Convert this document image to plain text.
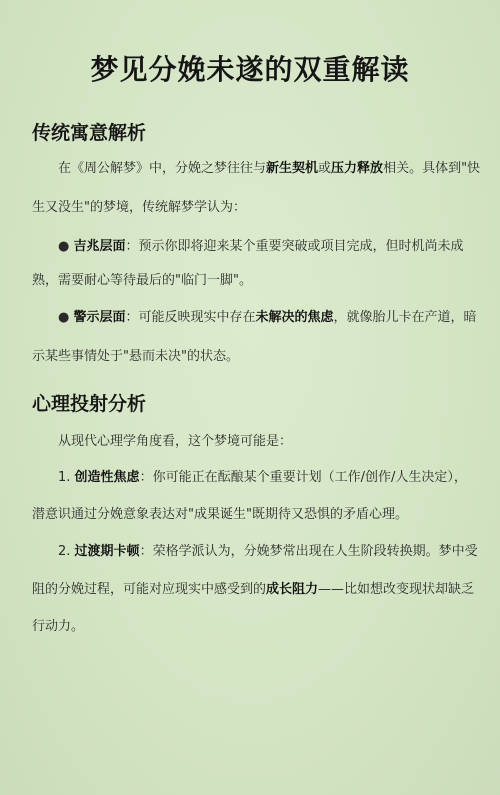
梦见分娩未遂的双重解读
传统寓意解析
在《周公解梦》中，分娩之梦往往与新生契机或压力释放相关。具体到"快
生又没生"的梦境，传统解梦学认为：
● 吉兆层面：预示你即将迎来某个重要突破或项目完成，但时机尚未成
熟，需要耐心等待最后的"临门一脚"。
● 警示层面：可能反映现实中存在未解决的焦虑，就像胎儿卡在产道，暗
示某些事情处于"悬而未决"的状态。
心理投射分析
从现代心理学角度看，这个梦境可能是：
1. 创造性焦虑：你可能正在酝酿某个重要计划（工作/创作/人生决定），
潜意识通过分娩意象表达对"成果诞生"既期待又恐惧的矛盾心理。
2. 过渡期卡顿：荣格学派认为，分娩梦常出现在人生阶段转换期。梦中受
阻的分娩过程，可能对应现实中感受到的成长阻力——比如想改变现状却缺乏
行动力。
